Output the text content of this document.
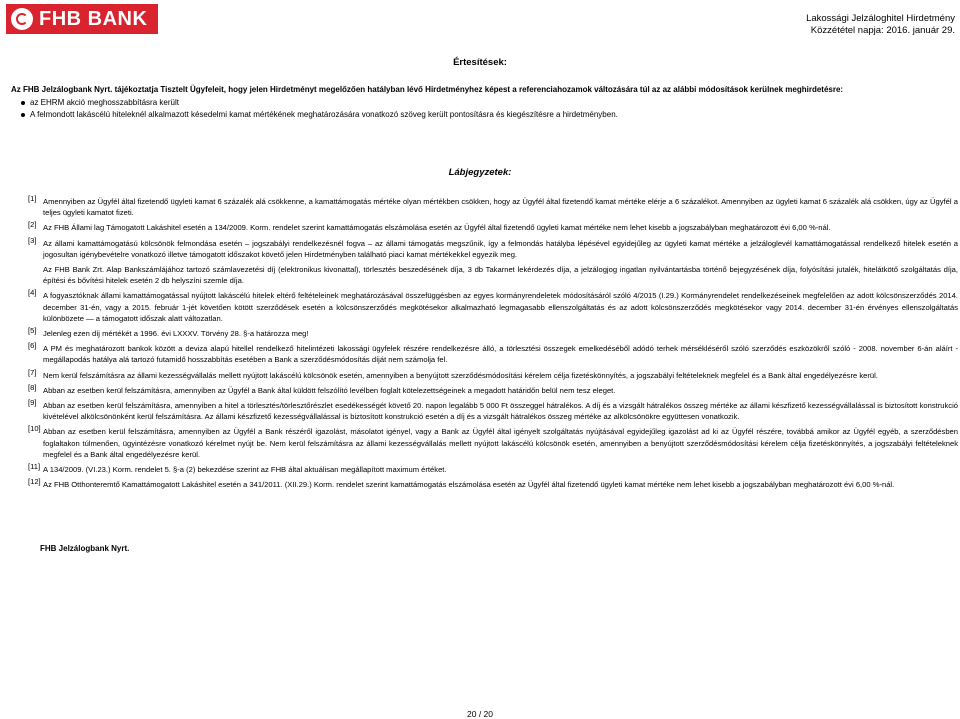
FHB BANK	Lakossági Jelzáloghitel Hirdetmény
Közzététel napja: 2016. január 29.
Értesítések:
Az FHB Jelzálogbank Nyrt. tájékoztatja Tisztelt Ügyfeleit, hogy jelen Hirdetményt megelőzően hatályban lévő Hirdetményhez képest a referenciahozamok változására túl az az alábbi módosítások kerülnek meghirdetésre:
az EHRM akció meghosszabbításra került
A felmondott lakáscélú hiteleknél alkalmazott késedelmi kamat mértékének meghatározására vonatkozó szöveg került pontosításra és kiegészítésre a hirdetményben.
Lábjegyzetek:
[1] Amennyiben az Ügyfél által fizetendő ügyleti kamat 6 százalék alá csökkenne, a kamattámogatás mértéke olyan mértékben csökken, hogy az Ügyfél által fizetendő kamat mértéke elérje a 6 százalékot. Amennyiben az ügyleti kamat 6 százalék alá csökken, úgy az Ügyfél a teljes ügyleti kamatot fizeti.

[2] Az FHB Állami lag Támogatott Lakáshitel esetén a 134/2009. Korm. rendelet szerint kamattámogatás elszámolása esetén az Ügyfél által fizetendő ügyleti kamat mértéke nem lehet kisebb a jogszabályban meghatározott évi 6,00 %-nál.

[3] Az állami kamattámogatású kölcsönök felmondása esetén – jogszabályi rendelkezésnél fogva – az állami támogatás megszűnik, így a felmondás hatályba lépésével egyidejűleg az ügyleti kamat mértéke a jelzáloglevél kamattámogatással rendelkező hitelek esetén a jogosultan igénybevételre vonatkozó illetve támogatott időszakot követő jelen Hirdetményben található piaci kamat mértékekkel egyezik meg.

Az FHB Bank Zrt. Alap Bankszámlájához tartozó számlavezetési díj (elektronikus kivonattal), törlesztés beszedésének díja, 3 db Takarnet lekérdezés díja, a jelzálogjog ingatlan nyilvántartásba történő bejegyzésének díja, folyósítási jutalék, hitelátkötő szolgáltatás díja, építési és bővítési hitelek esetén 2 db helyszíni szemle díja.

[4] A fogyasztóknak állami kamattámogatással nyújtott lakáscélú hitelek eltérő feltételeinek meghatározásával összefüggésben az egyes kormányrendeletek módosításáról szóló 4/2015 (I.29.) Kormányrendelet rendelkezéseinek megfelelően az adott kölcsönszerződés 2014. december 31-én, vagy a 2015. február 1-jét követően kötött szerződések esetén a kölcsönszerződés megkötésekor alkalmazható legmagasabb ellenszolgáltatás és az adott kölcsönszerződés megkötésekor vagy 2014. december 31-én érvényes ellenszolgáltatás különbözete — a támogatott időszak alatt változatlan.

[5] Jelenleg ezen díj mértékét a 1996. évi LXXXV. Törvény 28. §-a határozza meg!

[6] A PM és meghatározott bankok között a deviza alapú hitellel rendelkező hitelintézeti lakossági ügyfelek részére rendelkezésre álló, a törlesztési összegek emelkedéséből adódó terhek mérsékléséről szóló szerződés eszközökről szóló - 2008. november 6-án aláírt - megállapodás hatálya alá tartozó futamidő hosszabbítás esetében a Bank a szerződésmódosítás díját nem számolja fel.

[7] Nem kerül felszámításra az állami kezességvállalás mellett nyújtott lakáscélú kölcsönök esetén, amennyiben a benyújtott szerződésmódosítási kérelem célja fizetéskönnyítés, a jogszabályi feltételeknek megfelel és a Bank által engedélyezésre kerül.

[8] Abban az esetben kerül felszámításra, amennyiben az Ügyfél a Bank által küldött felszólító levélben foglalt kötelezettségeinek a megadott határidőn belül nem tesz eleget.

[9] Abban az esetben kerül felszámításra, amennyiben a hitel a törlesztés/törlesztőrészlet esedékességét követő 20. napon legalább 5 000 Ft összeggel hátralékos. A díj és a vizsgált hátralékos összeg mértéke az állami készfizető kezességvállalással is biztosított konstrukció kivételével alkölcsönönként kerül felszámításra. Az állami készfizető kezességvállalással is biztosított konstrukció esetén a díj és a vizsgált hátralékos összeg mértéke az alkölcsönökre együttesen vonatkozik.

[10] Abban az esetben kerül felszámításra, amennyiben az Ügyfél a Bank részéről igazolást, másolatot igényel, vagy a Bank az Ügyfél által igényelt szolgáltatás nyújtásával egyidejűleg igazolást ad ki az Ügyfél részére, továbbá amikor az Ügyfél egyéb, a szerződésben foglaltakon túlmenően, ügyintézésre vonatkozó kérelmet nyújt be. Nem kerül felszámításra az állami kezességvállalás mellett nyújtott lakáscélú kölcsönök esetén, amennyiben a benyújtott szerződésmódosítási kérelem célja fizetéskönnyítés, a jogszabályi feltételeknek megfelel és a Bank által engedélyezésre kerül.

[11] A 134/2009. (VI.23.) Korm. rendelet 5. §-a (2) bekezdése szerint az FHB által aktuálisan megállapított maximum értéket.

[12] Az FHB Otthonteremtő Kamattámogatott Lakáshitel esetén a 341/2011. (XII.29.) Korm. rendelet szerint kamattámogatás elszámolása esetén az Ügyfél által fizetendő ügyleti kamat mértéke nem lehet kisebb a jogszabályban meghatározott évi 6,00 %-nál.

FHB Jelzálogbank Nyrt.
20 / 20
